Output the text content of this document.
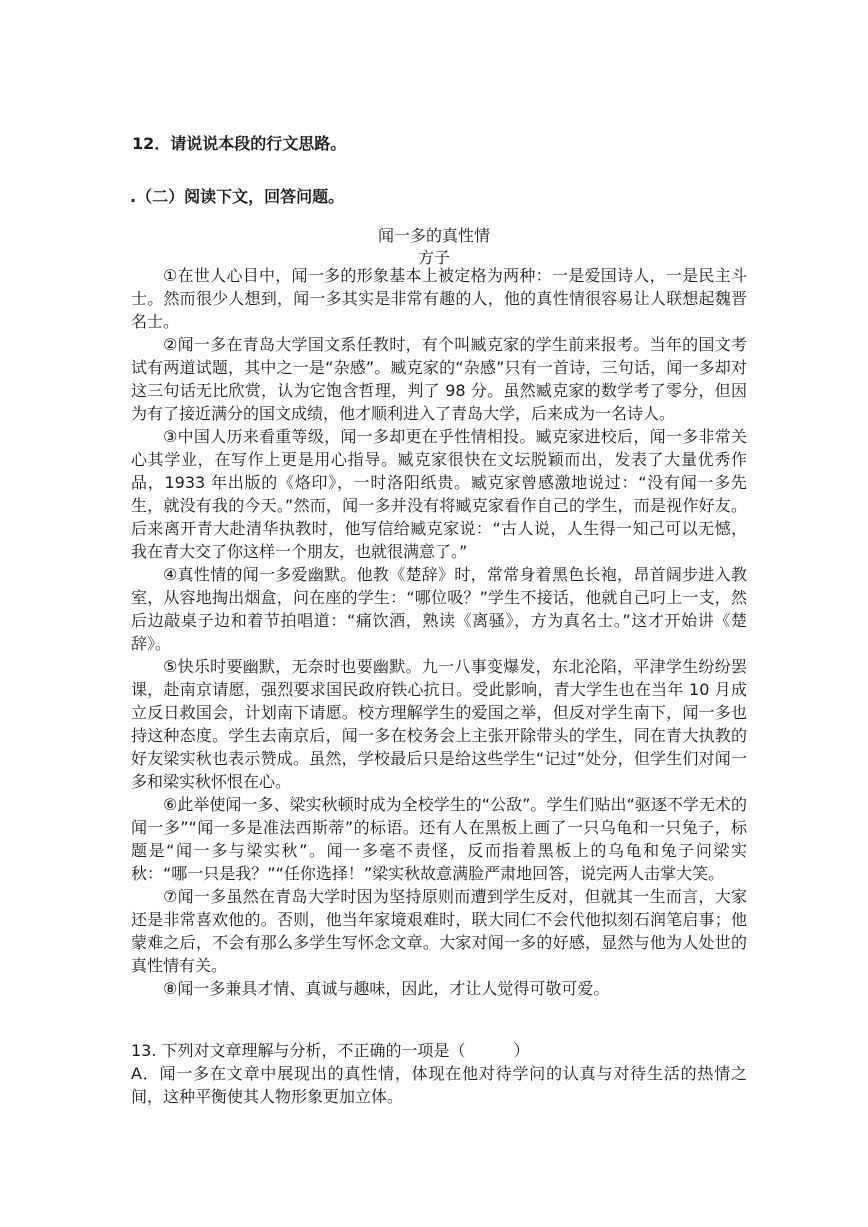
12．请说说本段的行文思路。
.（二）阅读下文，回答问题。
闻一多的真性情
方子

①在世人心目中，闻一多的形象基本上被定格为两种：一是爱国诗人，一是民主斗士。然而很少人想到，闻一多其实是非常有趣的人，他的真性情很容易让人联想起魏晋名士。

②闻一多在青岛大学国文系任教时，有个叫臧克家的学生前来报考。当年的国文考试有两道试题，其中之一是“杂感”。臧克家的“杂感”只有一首诗，三句话，闻一多却对这三句话无比欣赏，认为它饱含哲理，判了 98 分。虽然臧克家的数学考了零分，但因为有了接近满分的国文成绩，他才顺利进入了青岛大学，后来成为一名诗人。

③中国人历来看重等级，闻一多却更在乎性情相投。臧克家进校后，闻一多非常关心其学业，在写作上更是用心指导。臧克家很快在文坛脱颖而出，发表了大量优秀作品，1933 年出版的《烙印》，一时洛阳纸贵。臧克家曾感激地说过：“没有闻一多先生，就没有我的今天。”然而，闻一多并没有将臧克家看作自己的学生，而是视作好友。后来离开青大赴清华执教时，他写信给臧克家说：“古人说，人生得一知己可以无憾，我在青大交了你这样一个朋友，也就很满意了。”

④真性情的闻一多爱幽默。他教《楚辞》时，常常身着黑色长袍，昂首阔步进入教室，从容地掏出烟盒，问在座的学生：“哪位吸？”学生不接话，他就自己叼上一支，然后边敲桌子边和着节拍唱道：“痛饮酒，熟读《离骚》，方为真名士。”这才开始讲《楚辞》。

⑤快乐时要幽默，无奈时也要幽默。九一八事变爆发，东北沦陷，平津学生纷纷罢课，赴南京请愿，强烈要求国民政府铁心抗日。受此影响，青大学生也在当年 10 月成立反日救国会，计划南下请愿。校方理解学生的爱国之举，但反对学生南下，闻一多也持这种态度。学生去南京后，闻一多在校务会上主张开除带头的学生，同在青大执教的好友梁实秋也表示赞成。虽然，学校最后只是给这些学生“记过”处分，但学生们对闻一多和梁实秋怀恨在心。

⑥此举使闻一多、梁实秋顿时成为全校学生的“公敌”。学生们贴出“驱逐不学无术的闻一多”“闻一多是准法西斯蒂”的标语。还有人在黑板上画了一只乌龟和一只兔子，标题是“闻一多与梁实秋”。闻一多毫不责怪，反而指着黑板上的乌龟和兔子问梁实秋：“哪一只是我？”“任你选择！”梁实秋故意满脸严肃地回答，说完两人击掌大笑。

⑦闻一多虽然在青岛大学时因为坚持原则而遭到学生反对，但就其一生而言，大家还是非常喜欢他的。否则，他当年家境艰难时，联大同仁不会代他拟刻石润笔启事；他蒙难之后，不会有那么多学生写怀念文章。大家对闻一多的好感，显然与他为人处世的真性情有关。

⑧闻一多兼具才情、真诚与趣味，因此，才让人觉得可敬可爱。

13. 下列对文章理解与分析，不正确的一项是（　　　）
A．闻一多在文章中展现出的真性情，体现在他对待学问的认真与对待生活的热情之间，这种平衡使其人物形象更加立体。
